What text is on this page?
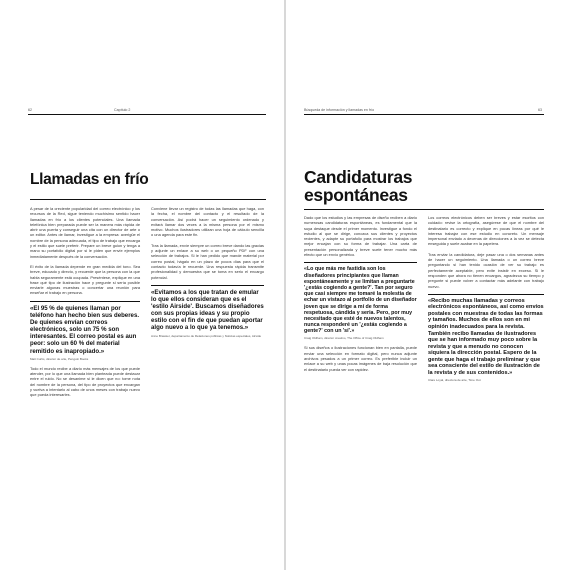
62	Capítulo 2
Llamadas en frío

A pesar de la creciente popularidad del correo electrónico y los recursos de la Red, sigue teniendo muchísimo sentido hacer llamadas en frío a los clientes potenciales. Una llamada telefónica bien preparada puede ser la manera más rápida de abrir una puerta y conseguir una cita con un director de arte o un editor. Antes de llamar, investigue a la empresa: averigüe el nombre de la persona adecuada, el tipo de trabajo que encarga y el estilo que suele preferir. Prepare un breve guion y tenga a mano su portafolio digital por si le piden que envíe ejemplos inmediatamente después de la conversación.

El éxito de la llamada depende en gran medida del tono. Sea breve, educado y directo, y recuerde que la persona con la que habla seguramente está ocupada. Preséntese, explique en una frase qué tipo de ilustración hace y pregunte si sería posible enviarle algunas muestras o concertar una reunión para enseñar el trabajo en persona.

«El 95 % de quienes llaman por teléfono han hecho bien sus deberes. De quienes envían correos electrónicos, solo un 75 % son interesantes. El correo postal es aun peor: solo un 60 % del material remitido es inapropiado.»
Matt Curtis, director de arte, Penguin Books

Todo el mundo recibe a diario más mensajes de los que puede atender, por lo que una llamada bien planteada puede destacar entre el ruido. No se desanime si le dicen que no: tome nota del nombre de la persona, del tipo de proyectos que encargan y vuelva a intentarlo al cabo de unos meses con trabajo nuevo que pueda interesarles.

Conviene llevar un registro de todas las llamadas que haga, con la fecha, el nombre del contacto y el resultado de la conversación. Así podrá hacer un seguimiento ordenado y evitará llamar dos veces a la misma persona por el mismo motivo. Muchos ilustradores utilizan una hoja de cálculo sencilla o una agenda para este fin.

Tras la llamada, envíe siempre un correo breve dando las gracias y adjunte un enlace a su web o un pequeño PDF con una selección de trabajos. Si le han pedido que mande material por correo postal, hágalo en un plazo de pocos días para que el contacto todavía le recuerde. Una respuesta rápida transmite profesionalidad y demuestra que se toma en serio el encargo potencial.

«Evitamos a los que tratan de emular lo que ellos consideran que es el 'estilo Airside'. Buscamos diseñadores con sus propias ideas y su propio estilo con el fin de que puedan aportar algo nuevo a lo que ya tenemos.»
Anne Brassier, departamento de Relaciones públicas y Noticias especiales, Airside
Búsqueda de información y llamadas en frío	63
Candidaturas
espontáneas

Dado que los estudios y las empresas de diseño reciben a diario numerosas candidaturas espontáneas, es fundamental que la suya destaque desde el primer momento. Investigue a fondo el estudio al que se dirige, conozca sus clientes y proyectos recientes, y adapte su portafolio para mostrar los trabajos que mejor encajan con su forma de trabajar. Una carta de presentación personalizada y breve suele tener mucho más efecto que un envío genérico.

«Lo que más me fastidia son los diseñadores principiantes que llaman espontáneamente y se limitan a preguntarte '¿estás cogiendo a gente?'. Tan por seguro que casi siempre me tomaré la molestia de echar un vistazo al portfolio de un diseñador joven que se dirige a mí de forma respetuosa, cándida y seria. Pero, por muy necesitado que esté de nuevos talentos, nunca responderé un '¿estás cogiendo a gente?' con un 'sí'.»
Craig Oldham, director creativo, The Office of Craig Oldham

Si sus diseños o ilustraciones funcionan bien en pantalla, puede enviar una selección en formato digital, pero nunca adjunte archivos pesados a un primer correo. Es preferible incluir un enlace a su web y unas pocas imágenes de baja resolución que el destinatario pueda ver con rapidez.

Los correos electrónicos deben ser breves y estar escritos con cuidado: revise la ortografía, asegúrese de que el nombre del destinatario es correcto y explique en pocas líneas por qué le interesa trabajar con ese estudio en concreto. Un mensaje impersonal enviado a decenas de direcciones a la vez se detecta enseguida y suele acabar en la papelera.

Tras enviar la candidatura, deje pasar una o dos semanas antes de hacer un seguimiento. Una llamada o un correo breve preguntando si han tenido ocasión de ver su trabajo es perfectamente aceptable, pero evite insistir en exceso. Si le responden que ahora no tienen encargos, agradezca su tiempo y pregunte si puede volver a contactar más adelante con trabajo nuevo.

«Recibo muchas llamadas y correos electrónicos espontáneos, así como envíos postales con muestras de todas las formas y tamaños. Muchos de ellos son en mi opinión inadecuados para la revista. También recibo llamadas de ilustradores que se han informado muy poco sobre la revista y que a menudo no conocen siquiera la dirección postal. Espero de la gente que haga el trabajo preliminar y que sea consciente del estilo de ilustración de la revista y de sus contenidos.»
Clare Loyal, directora de arte, Time Out
